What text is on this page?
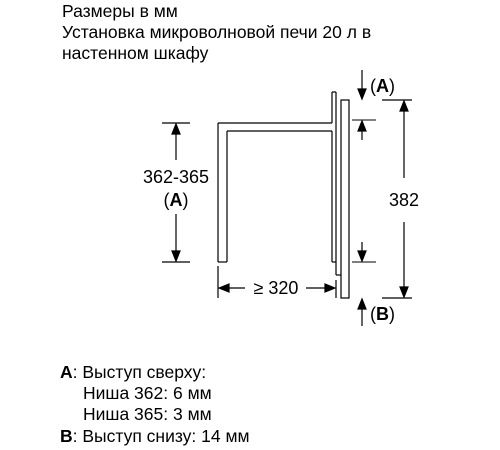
Размеры в мм
Установка микроволновой печи 20 л в
настенном шкафу
362-365
(A)
≥ 320
382
(A)
(B)
A: Выступ сверху:
Ниша 362: 6 мм
Ниша 365: 3 мм
B: Выступ снизу: 14 мм
